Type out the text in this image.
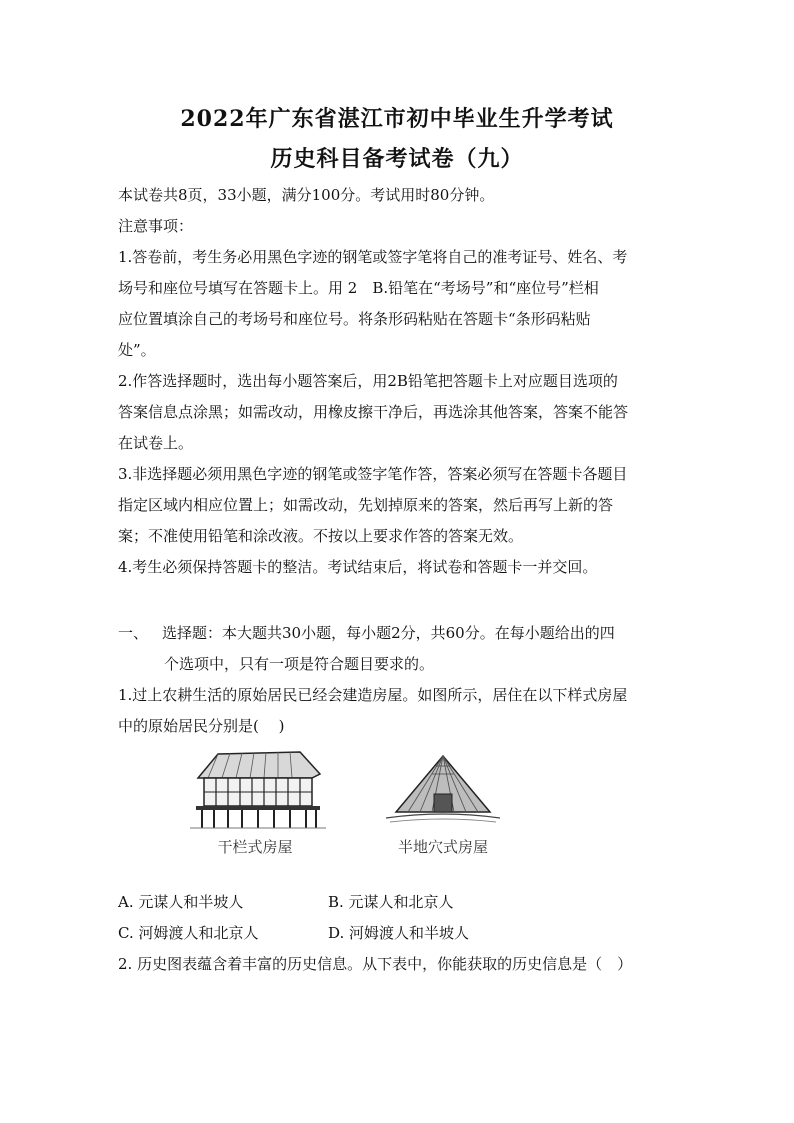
2022年广东省湛江市初中毕业生升学考试
历史科目备考试卷（九）
本试卷共8页，33小题，满分100分。考试用时80分钟。
注意事项：
1.答卷前，考生务必用黑色字迹的钢笔或签字笔将自己的准考证号、姓名、考
场号和座位号填写在答题卡上。用 2　B.铅笔在“考场号”和“座位号”栏相
应位置填涂自己的考场号和座位号。将条形码粘贴在答题卡“条形码粘贴
处”。
2.作答选择题时，选出每小题答案后，用2B铅笔把答题卡上对应题目选项的
答案信息点涂黑；如需改动，用橡皮擦干净后，再选涂其他答案，答案不能答
在试卷上。
3.非选择题必须用黑色字迹的钢笔或签字笔作答，答案必须写在答题卡各题目
指定区域内相应位置上；如需改动，先划掉原来的答案，然后再写上新的答
案；不准使用铅笔和涂改液。不按以上要求作答的答案无效。
4.考生必须保持答题卡的整洁。考试结束后，将试卷和答题卡一并交回。
一、 选择题：本大题共30小题，每小题2分，共60分。在每小题给出的四
个选项中，只有一项是符合题目要求的。
1.过上农耕生活的原始居民已经会建造房屋。如图所示，居住在以下样式房屋
中的原始居民分别是(　 )
干栏式房屋	半地穴式房屋
A. 元谋人和半坡人	B. 元谋人和北京人
C. 河姆渡人和北京人	D. 河姆渡人和半坡人
2. 历史图表蕴含着丰富的历史信息。从下表中，你能获取的历史信息是（　）
